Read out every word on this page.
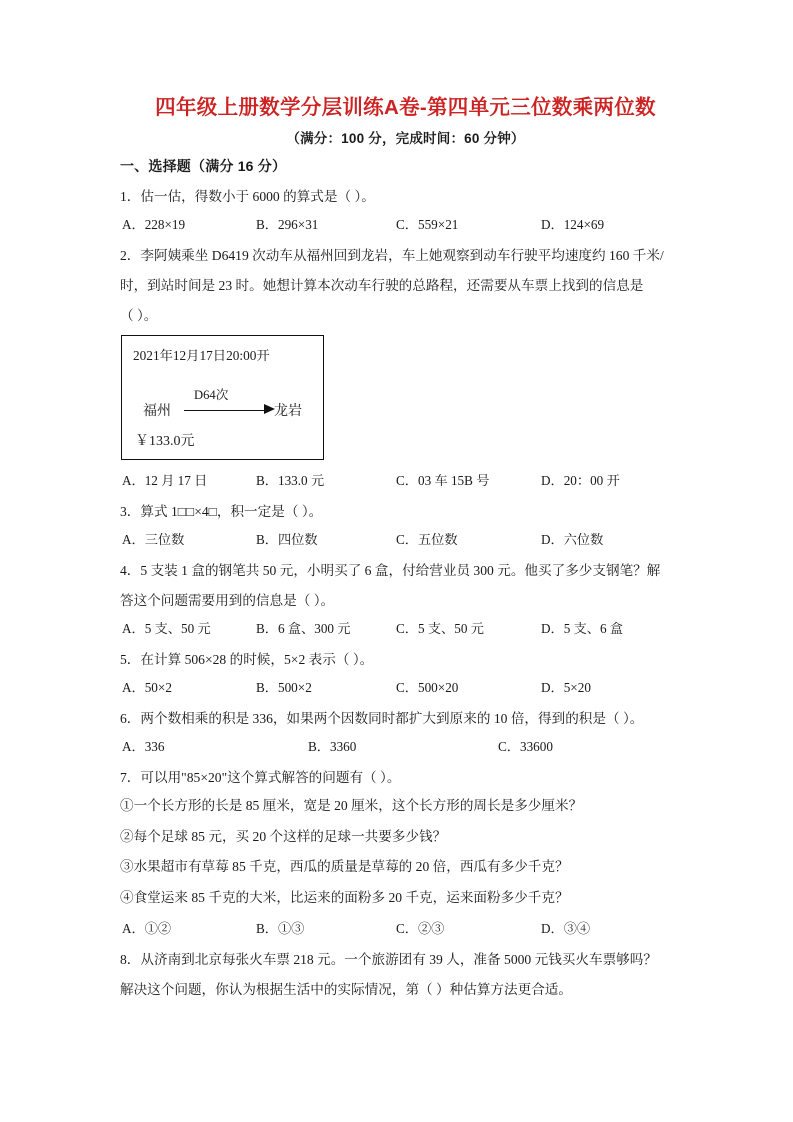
四年级上册数学分层训练A卷-第四单元三位数乘两位数
（满分：100 分，完成时间：60 分钟）
一、选择题（满分 16 分）
1．估一估，得数小于 6000 的算式是（ ）。
A．228×19	B．296×31	C．559×21	D．124×69
2．李阿姨乘坐 D6419 次动车从福州回到龙岩，车上她观察到动车行驶平均速度约 160 千米/
时，到站时间是 23 时。她想计算本次动车行驶的总路程，还需要从车票上找到的信息是
（ ）。
2021年12月17日20:00开
福州
D64次
龙岩
￥133.0元
A．12 月 17 日	B．133.0 元	C．03 车 15B 号	D．20：00 开
3．算式 1□□×4□，积一定是（ ）。
A．三位数	B．四位数	C．五位数	D．六位数
4．5 支装 1 盒的钢笔共 50 元，小明买了 6 盒，付给营业员 300 元。他买了多少支钢笔？解
答这个问题需要用到的信息是（ ）。
A．5 支、50 元	B．6 盒、300 元	C．5 支、50 元	D．5 支、6 盒
5．在计算 506×28 的时候，5×2 表示（ ）。
A．50×2	B．500×2	C．500×20	D．5×20
6．两个数相乘的积是 336，如果两个因数同时都扩大到原来的 10 倍，得到的积是（ ）。
A．336	B．3360	C．33600
7．可以用"85×20"这个算式解答的问题有（ ）。
①一个长方形的长是 85 厘米，宽是 20 厘米，这个长方形的周长是多少厘米？
②每个足球 85 元，买 20 个这样的足球一共要多少钱？
③水果超市有草莓 85 千克，西瓜的质量是草莓的 20 倍，西瓜有多少千克？
④食堂运来 85 千克的大米，比运来的面粉多 20 千克，运来面粉多少千克？
A．①②	B．①③	C．②③	D．③④
8．从济南到北京每张火车票 218 元。一个旅游团有 39 人，准备 5000 元钱买火车票够吗？
解决这个问题，你认为根据生活中的实际情况，第（ ）种估算方法更合适。
